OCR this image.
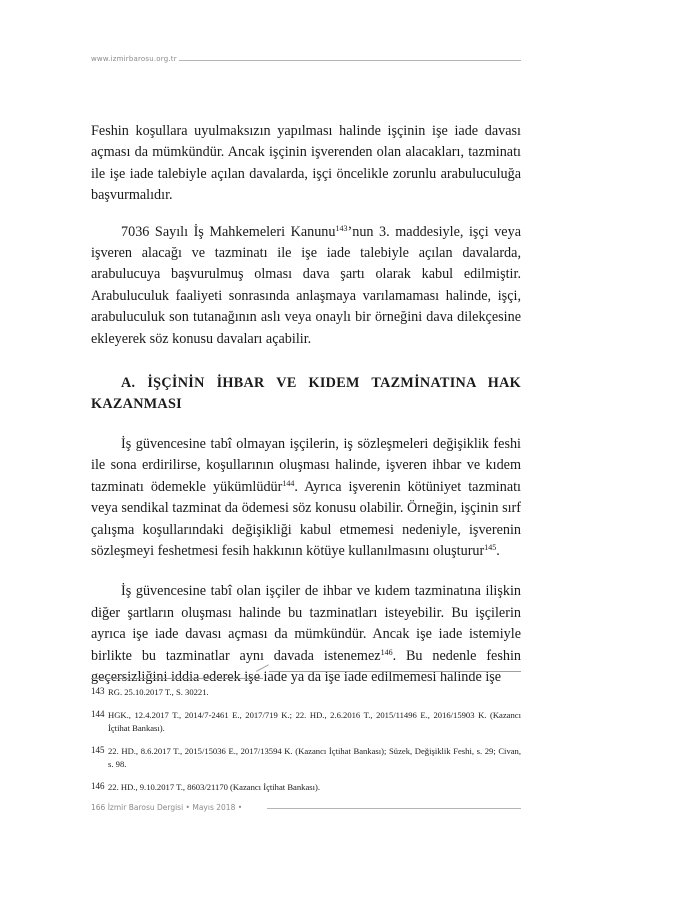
www.izmirbarosu.org.tr

Feshin koşullara uyulmaksızın yapılması halinde işçinin işe iade davası açması da mümkündür. Ancak işçinin işverenden olan alacakları, tazminatı ile işe iade talebiyle açılan davalarda, işçi öncelikle zorunlu arabuluculuğa başvurmalıdır.

7036 Sayılı İş Mahkemeleri Kanunu$^{143}$’nun 3. maddesiyle, işçi veya işveren alacağı ve tazminatı ile işe iade talebiyle açılan davalarda, arabulucuya başvurulmuş olması dava şartı olarak kabul edilmiştir. Arabuluculuk faaliyeti sonrasında anlaşmaya varılamaması halinde, işçi, arabuluculuk son tutanağının aslı veya onaylı bir örneğini dava dilekçesine ekleyerek söz konusu davaları açabilir.

A. İŞÇİNİN İHBAR VE KIDEM TAZMİNATINA HAK KAZANMASI

İş güvencesine tabî olmayan işçilerin, iş sözleşmeleri değişiklik feshi ile sona erdirilirse, koşullarının oluşması halinde, işveren ihbar ve kıdem tazminatı ödemekle yükümlüdür$^{144}$. Ayrıca işverenin kötüniyet tazminatı veya sendikal tazminat da ödemesi söz konusu olabilir. Örneğin, işçinin sırf çalışma koşullarındaki değişikliği kabul etmemesi nedeniyle, işverenin sözleşmeyi feshetmesi fesih hakkının kötüye kullanılmasını oluşturur$^{145}$.

İş güvencesine tabî olan işçiler de ihbar ve kıdem tazminatına ilişkin diğer şartların oluşması halinde bu tazminatları isteyebilir. Bu işçilerin ayrıca işe iade davası açması da mümkündür. Ancak işe iade istemiyle birlikte bu tazminatlar aynı davada istenemez$^{146}$. Bu nedenle feshin geçersizliğini iddia ederek işe iade ya da işe iade edilmemesi halinde işe

143 RG. 25.10.2017 T., S. 30221.
144 HGK., 12.4.2017 T., 2014/7-2461 E., 2017/719 K.; 22. HD., 2.6.2016 T., 2015/11496 E., 2016/15903 K. (Kazancı İçtihat Bankası).
145 22. HD., 8.6.2017 T., 2015/15036 E., 2017/13594 K. (Kazancı İçtihat Bankası); Süzek, Değişiklik Feshi, s. 29; Civan, s. 98.
146 22. HD., 9.10.2017 T., 8603/21170 (Kazancı İçtihat Bankası).
166 İzmir Barosu Dergisi • Mayıs 2018 •
